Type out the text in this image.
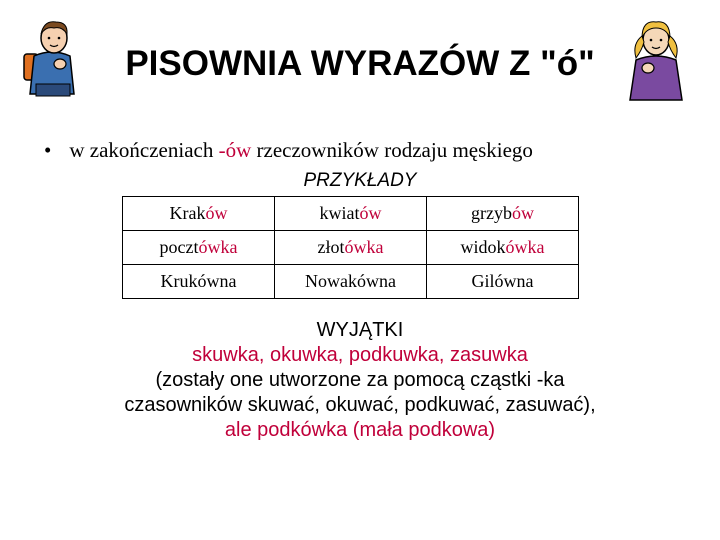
PISOWNIA WYRAZÓW Z "ó"
• w zakończeniach -ów rzeczowników rodzaju męskiego
PRZYKŁADY
Kraków	kwiatów	grzybów
pocztówka	złotówka	widokówka
Krukówna	Nowakówna	Gilówna
WYJĄTKI
skuwka, okuwka, podkuwka, zasuwka
(zostały one utworzone za pomocą cząstki -ka
czasowników skuwać, okuwać, podkuwać, zasuwać),
ale podkówka (mała podkowa)
